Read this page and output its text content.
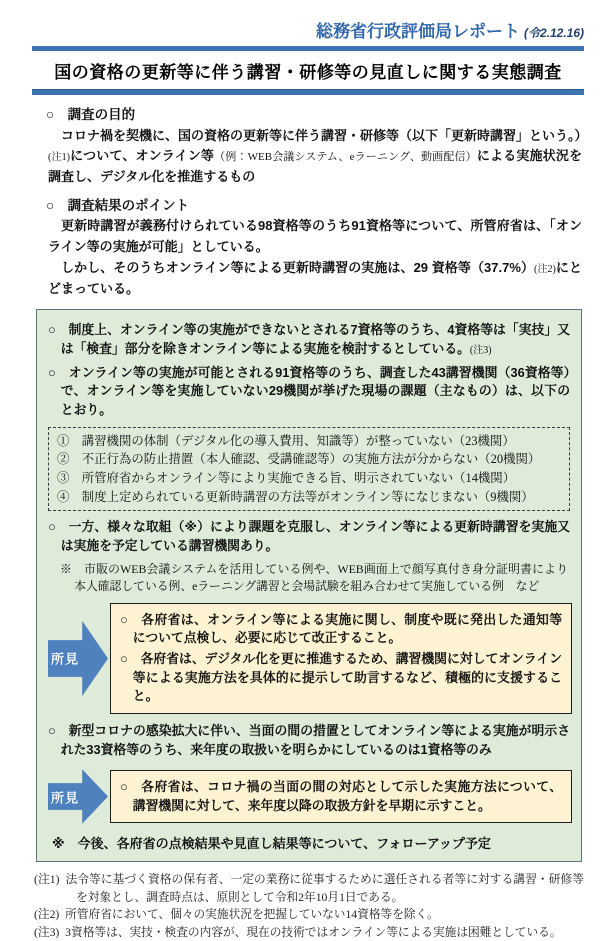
総務省行政評価局レポート (令2.12.16)
国の資格の更新等に伴う講習・研修等の見直しに関する実態調査
○　調査の目的

コロナ禍を契機に、国の資格の更新等に伴う講習・研修等（以下「更新時講習」という。）(注1)について、オンライン等（例：WEB会議システム、eラーニング、動画配信）による実施状況を調査し、デジタル化を推進するもの

○　調査結果のポイント

更新時講習が義務付けられている98資格等のうち91資格等について、所管府省は、「オンライン等の実施が可能」としている。

しかし、そのうちオンライン等による更新時講習の実施は、29 資格等（37.7%）(注2)にとどまっている。

○　制度上、オンライン等の実施ができないとされる7資格等のうち、4資格等は「実技」又は「検査」部分を除きオンライン等による実施を検討するとしている。(注3)

○　オンライン等の実施が可能とされる91資格等のうち、調査した43講習機関（36資格等）で、オンライン等を実施していない29機関が挙げた現場の課題（主なもの）は、以下のとおり。

①　講習機関の体制（デジタル化の導入費用、知識等）が整っていない（23機関）
②　不正行為の防止措置（本人確認、受講確認等）の実施方法が分からない（20機関）
③　所管府省からオンライン等により実施できる旨、明示されていない（14機関）
④　制度上定められている更新時講習の方法等がオンライン等になじまない（9機関）

○　一方、様々な取組（※）により課題を克服し、オンライン等による更新時講習を実施又は実施を予定している講習機関あり。

※　市販のWEB会議システムを活用している例や、WEB画面上で顔写真付き身分証明書により本人確認している例、eラーニング講習と会場試験を組み合わせて実施している例　など

所見

○　各府省は、オンライン等による実施に関し、制度や既に発出した通知等について点検し、必要に応じて改正すること。

○　各府省は、デジタル化を更に推進するため、講習機関に対してオンライン等による実施方法を具体的に提示して助言するなど、積極的に支援すること。

○　新型コロナの感染拡大に伴い、当面の間の措置としてオンライン等による実施が明示された33資格等のうち、来年度の取扱いを明らかにしているのは1資格等のみ

所見

○　各府省は、コロナ禍の当面の間の対応として示した実施方法について、講習機関に対して、来年度以降の取扱方針を早期に示すこと。

※　今後、各府省の点検結果や見直し結果等について、フォローアップ予定
(注1) 法令等に基づく資格の保有者、一定の業務に従事するために選任される者等に対する講習・研修等を対象とし、調査時点は、原則として令和2年10月1日である。
(注2) 所管府省において、個々の実施状況を把握していない14資格等を除く。
(注3) 3資格等は、実技・検査の内容が、現在の技術ではオンライン等による実施は困難としている。
